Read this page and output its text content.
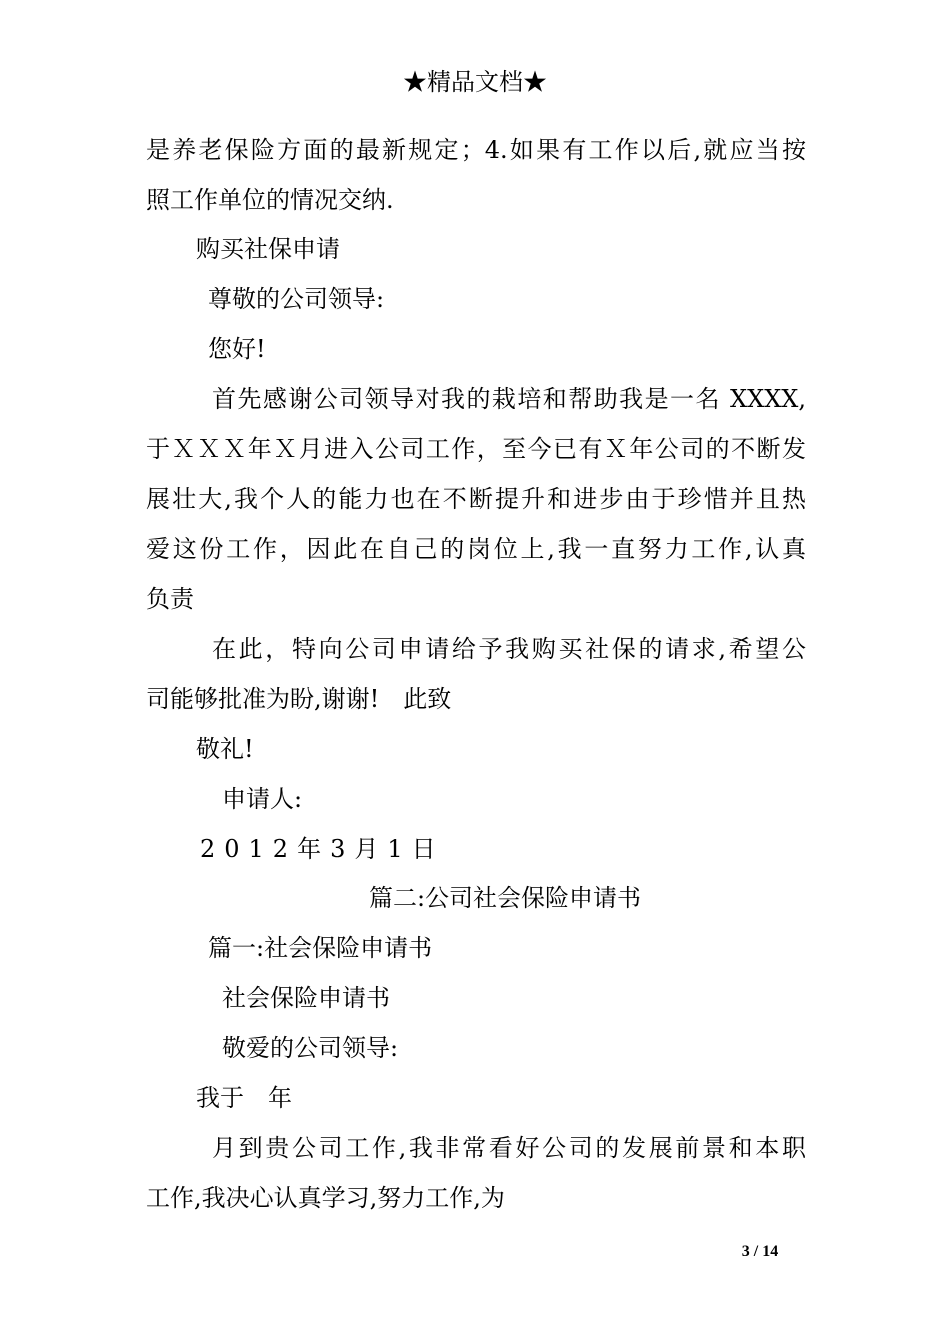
★精品文档★
是养老保险方面的最新规定；4.如果有工作以后,就应当按
照工作单位的情况交纳.
购买社保申请
尊敬的公司领导:
您好!
首先感谢公司领导对我的栽培和帮助我是一名 XXXX,
于ＸＸＸ年Ｘ月进入公司工作，至今已有Ｘ年公司的不断发
展壮大,我个人的能力也在不断提升和进步由于珍惜并且热
爱这份工作，因此在自己的岗位上,我一直努力工作,认真
负责
在此，特向公司申请给予我购买社保的请求,希望公
司能够批准为盼,谢谢!　此致
敬礼!
申请人:
2012年3月1日
篇二:公司社会保险申请书
篇一:社会保险申请书
社会保险申请书
敬爱的公司领导:
我于　年
月到贵公司工作,我非常看好公司的发展前景和本职
工作,我决心认真学习,努力工作,为
3 / 14
